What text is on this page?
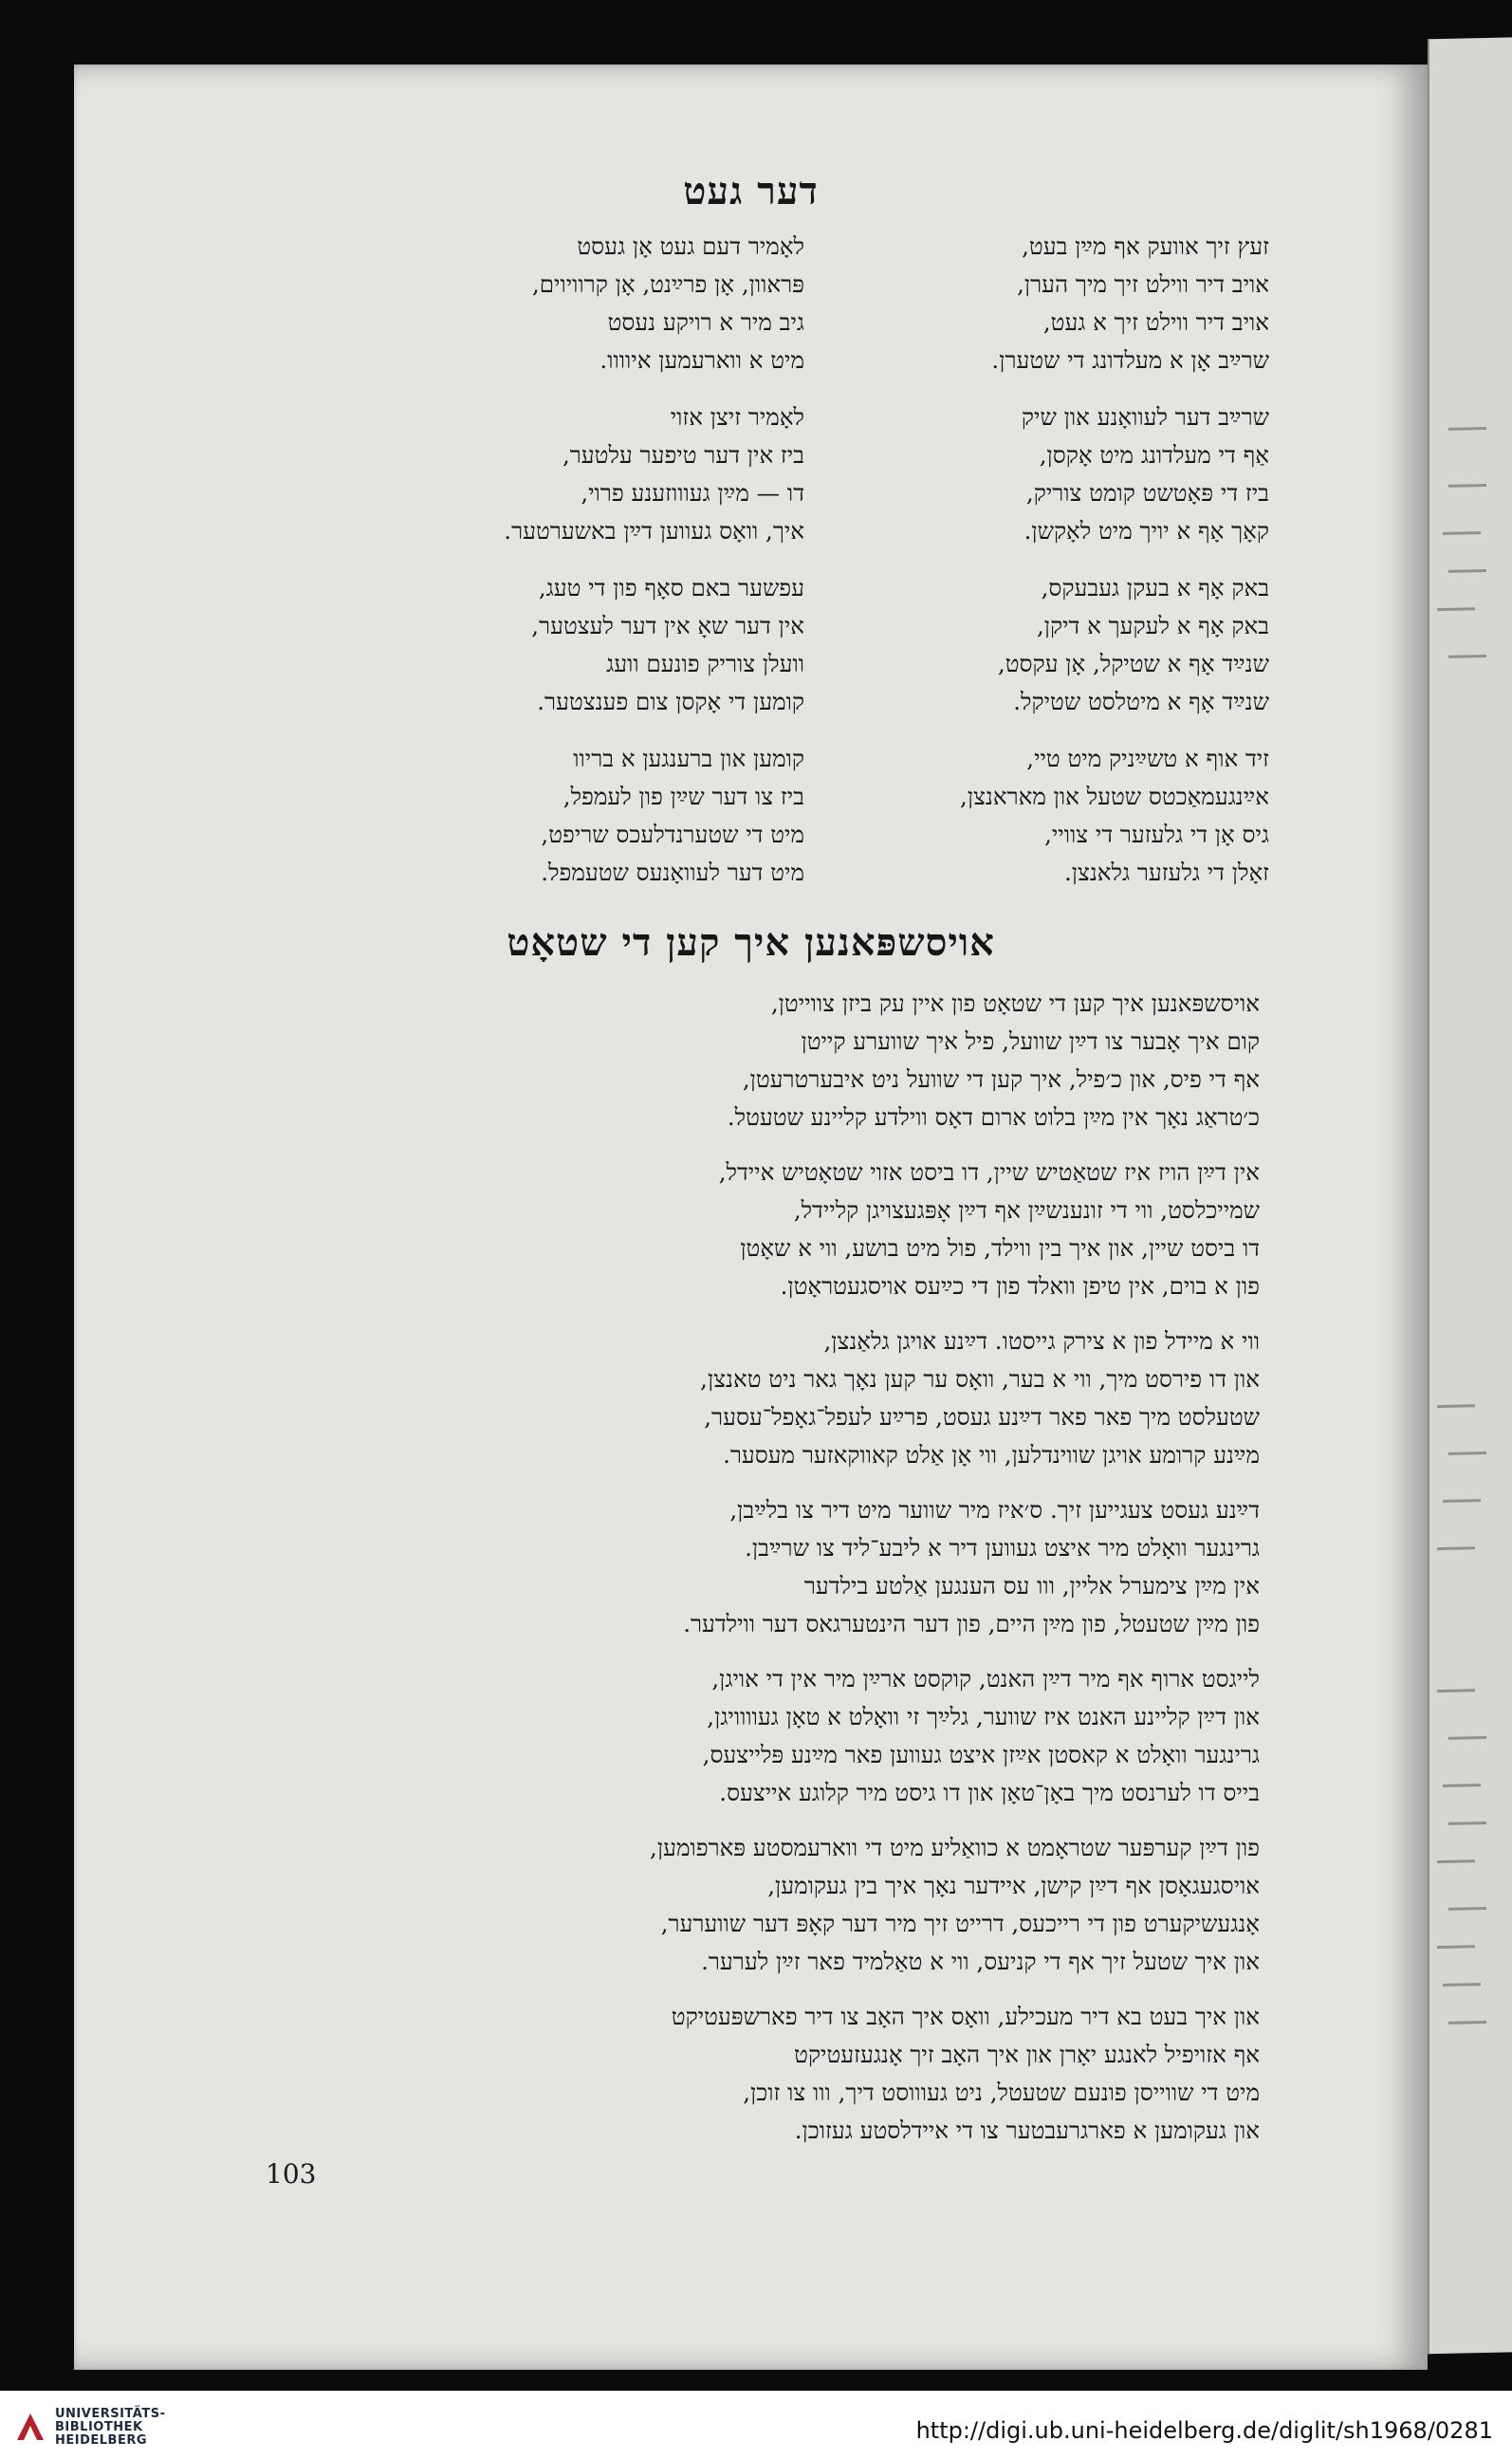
דער געט
זעץ זיך אוועק אף מײַן בעט,
אויב דיר ווילט זיך מיך הערן,
אויב דיר ווילט זיך א געט,
שרײַב אָן א מעלדונג די שטערן.
שרײַב דער לעוואָנע און שיק
אַף די מעלדונג מיט אָקסן,
ביז די פּאָטשט קומט צוריק,
קאָך אָף א יויך מיט לאָקשן.
באק אָף א בעקן געבעקס,
באק אָף א לעקעך א דיקן,
שנײַד אָף א שטיקל, אָן עקסט,
שנײַד אָף א מיטלסט שטיקל.
זיד אוף א טשײַניק מיט טיי,
אײַנגעמאַכטס שטעל און מאראנצן,
גיס אָן די גלעזער די צוויי,
זאָלן די גלעזער גלאנצן.
לאָמיר דעם געט אָן געסט
פּראוון, אָן פרײַנט, אָן קרוויוים,
גיב מיר א רויקע נעסט
מיט א ווארעמען איוווו.
לאָמיר זיצן אזוי
ביז אין דער טיפער עלטער,
דו — מײַן געוווזענע פרוי,
איך, וואָס געווען דײַן באשערטער.
עפשער באם סאָף פון די טעג,
אין דער שאָ אין דער לעצטער,
וועלן צוריק פונעם וועג
קומען די אָקסן צום פענצטער.
קומען און ברענגען א בריוו
ביז צו דער שײַן פון לעמפל,
מיט די שטערנדלעכס שריפט,
מיט דער לעוואָנעס שטעמפל.
אויסשפּאנען איך קען די שטאָט
אויסשפּאנען איך קען די שטאָט פון איין עק ביזן צווייטן,
קום איך אָבער צו דײַן שוועל, פיל איך שווערע קייטן
אף די פיס, און כ׳פיל, איך קען די שוועל ניט איבערטרעטן,
כ׳טראַג נאָך אין מײַן בלוט ארום דאָס ווילדע קליינע שטעטל.
אין דײַן הויז איז שטאַטיש שיין, דו ביסט אזוי שטאָטיש איידל,
שמייכלסט, ווי די זונענשײַן אף דײַן אָפּגעצויגן קליידל,
דו ביסט שיין, און איך בין ווילד, פול מיט בושע, ווי א שאָטן
פון א בוים, אין טיפן וואלד פון די כײַעס אויסגעטראָטן.
ווי א מיידל פון א צירק גייסטו. דײַנע אויגן גלאַנצן,
און דו פירסט מיך, ווי א בער, וואָס ער קען נאָך גאר ניט טאנצן,
שטעלסט מיך פאר פאר דײַנע געסט, פרײַע לעפל־גאָפל־עסער,
מײַנע קרומע אויגן שווינדלען, ווי אָן אַלט קאווקאזער מעסער.
דײַנע געסט צעגייען זיך. ס׳איז מיר שווער מיט דיר צו בלײַבן,
גרינגער וואָלט מיר איצט געווען דיר א ליבע־ליד צו שרײַבן.
אין מײַן צימערל אליין, ווו עס הענגען אַלטע בילדער
פון מײַן שטעטל, פון מײַן היים, פון דער הינטערגאס דער ווילדער.
לייגסט ארוף אף מיר דײַן האנט, קוקסט ארײַן מיר אין די אויגן,
און דײַן קליינע האנט איז שווער, גלײַך זי וואָלט א טאָן געוווויגן,
גרינגער וואָלט א קאסטן אײַזן איצט געווען פאר מײַנע פּלייצעס,
בייס דו לערנסט מיך באָן־טאָן און דו גיסט מיר קלוגע אייצעס.
פון דײַן קערפּער שטראָמט א כוואַליע מיט די ווארעמסטע פּארפומען,
אויסגעגאָסן אף דײַן קישן, איידער נאָך איך בין געקומען,
אָנגעשיקערט פון די רייכעס, דרייט זיך מיר דער קאָפּ דער שווערער,
און איך שטעל זיך אף די קניעס, ווי א טאַלמיד פאר זײַן לערער.
און איך בעט בא דיר מעכילע, וואָס איך האָב צו דיר פארשפּעטיקט
אף אזויפיל לאנגע יאָרן און איך האָב זיך אָנגעזעטיקט
מיט די שווייסן פונעם שטעטל, ניט געוווסט דיך, ווו צו זוכן,
און געקומען א פארגרעבטער צו די איידלסטע געזוכן.
103
UNIVERSITÄTS-
BIBLIOTHEK
HEIDELBERG	http://digi.ub.uni-heidelberg.de/diglit/sh1968/0281
